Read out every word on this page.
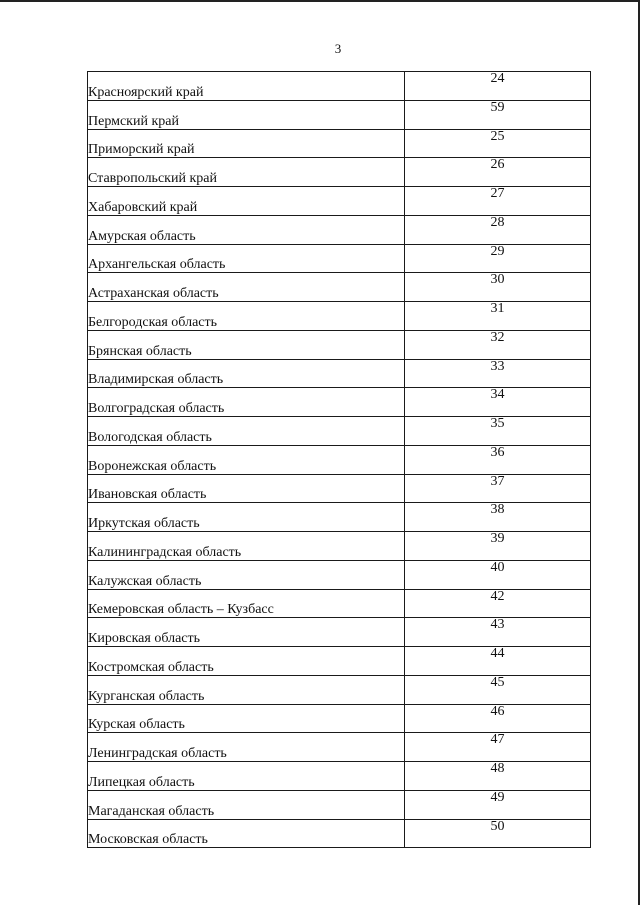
3
Красноярский край	24
Пермский край	59
Приморский край	25
Ставропольский край	26
Хабаровский край	27
Амурская область	28
Архангельская область	29
Астраханская область	30
Белгородская область	31
Брянская область	32
Владимирская область	33
Волгоградская область	34
Вологодская область	35
Воронежская область	36
Ивановская область	37
Иркутская область	38
Калининградская область	39
Калужская область	40
Кемеровская область – Кузбасс	42
Кировская область	43
Костромская область	44
Курганская область	45
Курская область	46
Ленинградская область	47
Липецкая область	48
Магаданская область	49
Московская область	50
